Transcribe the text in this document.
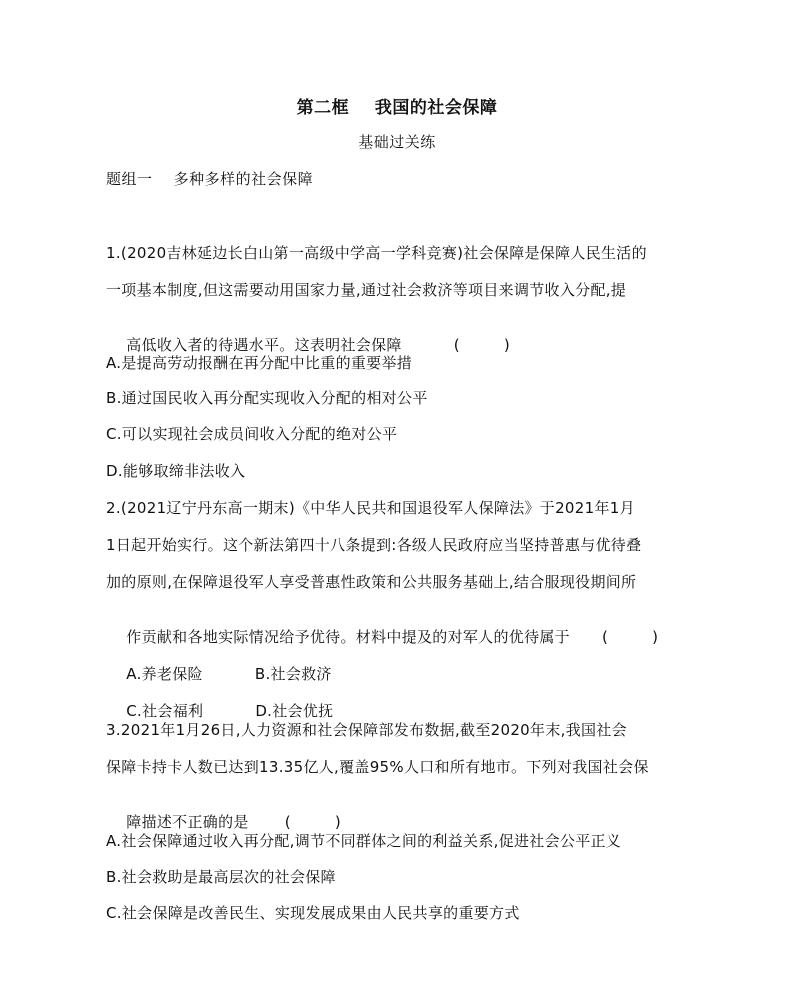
第二框    我国的社会保障
基础过关练
题组一    多种多样的社会保障
1.(2020吉林延边长白山第一高级中学高一学科竞赛)社会保障是保障人民生活的
一项基本制度,但这需要动用国家力量,通过社会救济等项目来调节收入分配,提

高低收入者的待遇水平。这表明社会保障	(	)

A.是提高劳动报酬在再分配中比重的重要举措
B.通过国民收入再分配实现收入分配的相对公平
C.可以实现社会成员间收入分配的绝对公平
D.能够取缔非法收入
2.(2021辽宁丹东高一期末)《中华人民共和国退役军人保障法》于2021年1月
1日起开始实行。这个新法第四十八条提到:各级人民政府应当坚持普惠与优待叠
加的原则,在保障退役军人享受普惠性政策和公共服务基础上,结合服现役期间所

作贡献和各地实际情况给予优待。材料中提及的对军人的优待属于 (	)

A.养老保险	B.社会救济

C.社会福利	D.社会优抚

3.2021年1月26日,人力资源和社会保障部发布数据,截至2020年末,我国社会
保障卡持卡人数已达到13.35亿人,覆盖95%人口和所有地市。下列对我国社会保

障描述不正确的是 (	)

A.社会保障通过收入再分配,调节不同群体之间的利益关系,促进社会公平正义
B.社会救助是最高层次的社会保障
C.社会保障是改善民生、实现发展成果由人民共享的重要方式
